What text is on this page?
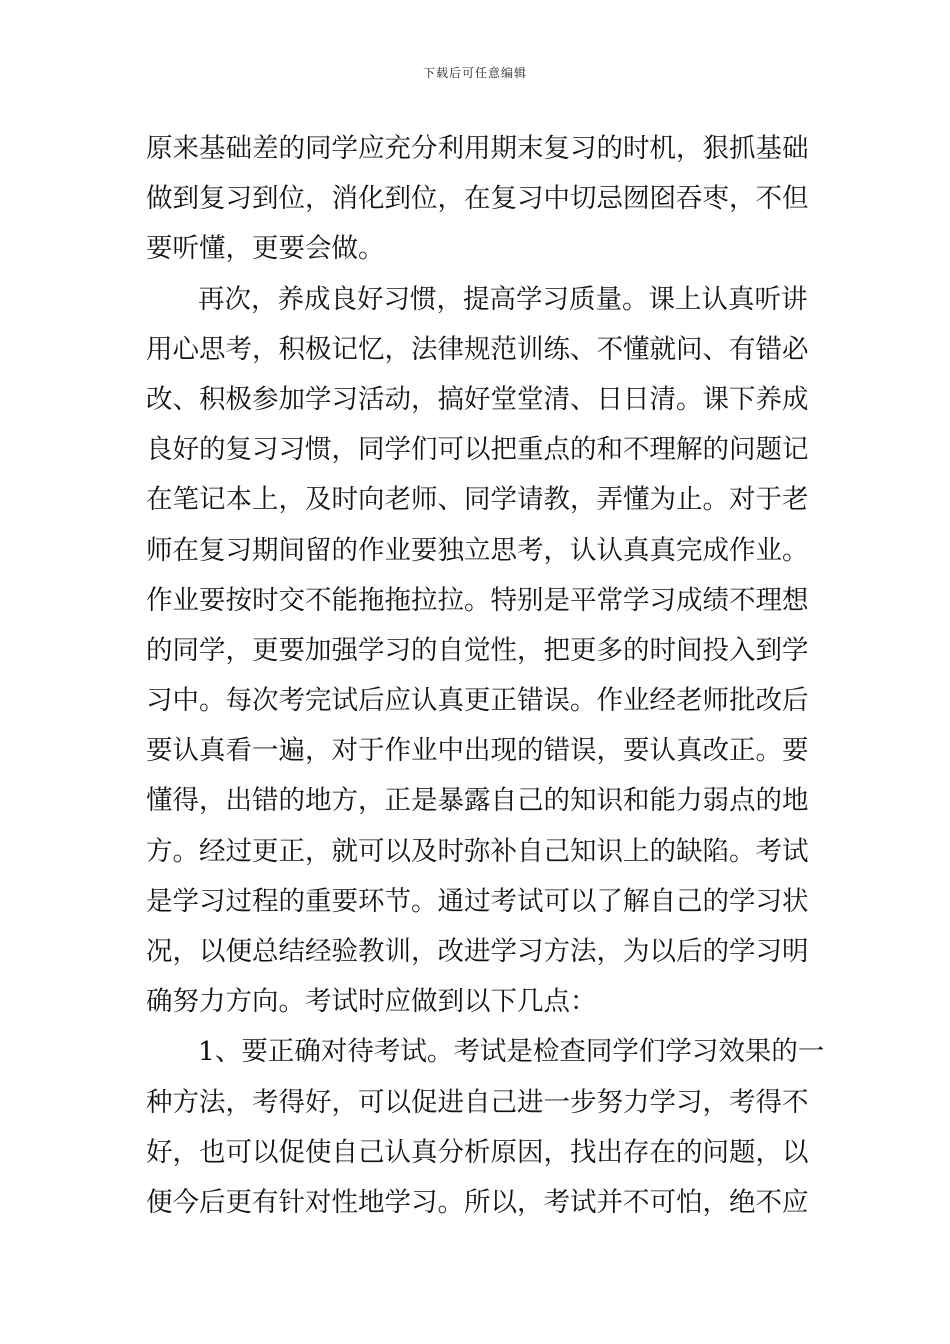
下载后可任意编辑
原来基础差的同学应充分利用期末复习的时机，狠抓基础
做到复习到位，消化到位，在复习中切忌囫囵吞枣，不但
要听懂，更要会做。
再次，养成良好习惯，提高学习质量。课上认真听讲
用心思考，积极记忆，法律规范训练、不懂就问、有错必
改、积极参加学习活动，搞好堂堂清、日日清。课下养成
良好的复习习惯，同学们可以把重点的和不理解的问题记
在笔记本上，及时向老师、同学请教，弄懂为止。对于老
师在复习期间留的作业要独立思考，认认真真完成作业。
作业要按时交不能拖拖拉拉。特别是平常学习成绩不理想
的同学，更要加强学习的自觉性，把更多的时间投入到学
习中。每次考完试后应认真更正错误。作业经老师批改后
要认真看一遍，对于作业中出现的错误，要认真改正。要
懂得，出错的地方，正是暴露自己的知识和能力弱点的地
方。经过更正，就可以及时弥补自己知识上的缺陷。考试
是学习过程的重要环节。通过考试可以了解自己的学习状
况，以便总结经验教训，改进学习方法，为以后的学习明
确努力方向。考试时应做到以下几点：
1、要正确对待考试。考试是检查同学们学习效果的一
种方法，考得好，可以促进自己进一步努力学习，考得不
好，也可以促使自己认真分析原因，找出存在的问题，以
便今后更有针对性地学习。所以，考试并不可怕，绝不应
